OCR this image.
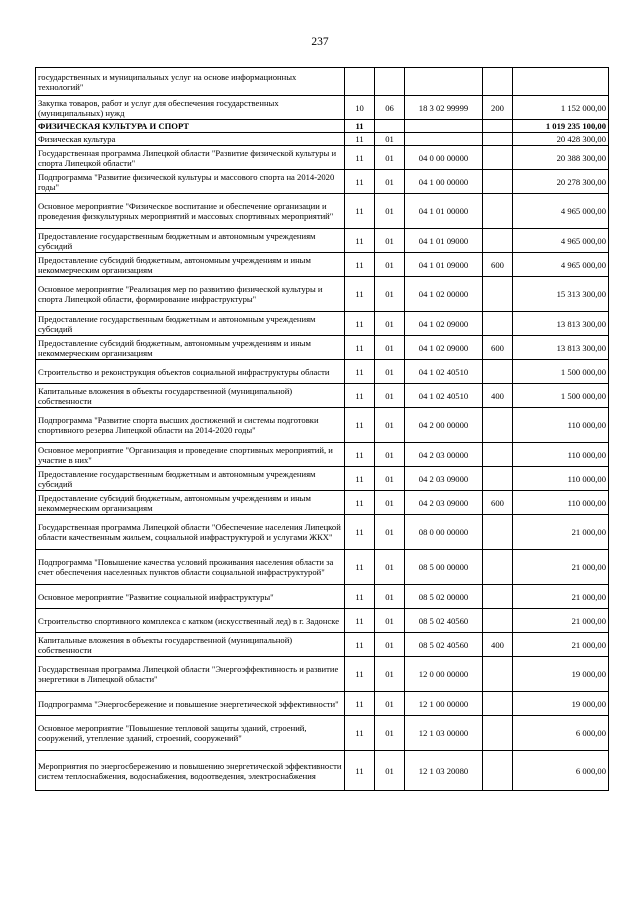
237
государственных и муниципальных услуг на основе информационных технологий"					
Закупка товаров, работ и услуг для обеспечения государственных (муниципальных) нужд	10	06	18 3 02 99999	200	1 152 000,00
ФИЗИЧЕСКАЯ КУЛЬТУРА И СПОРТ	11				1 019 235 100,00
Физическая культура	11	01			20 428 300,00
Государственная программа Липецкой области "Развитие физической культуры и спорта Липецкой области"	11	01	04 0 00 00000		20 388 300,00
Подпрограмма "Развитие физической культуры и массового спорта на 2014-2020 годы"	11	01	04 1 00 00000		20 278 300,00
Основное мероприятие "Физическое воспитание и обеспечение организации и проведения физкультурных мероприятий и массовых спортивных мероприятий"	11	01	04 1 01 00000		4 965 000,00
Предоставление государственным бюджетным и автономным учреждениям субсидий	11	01	04 1 01 09000		4 965 000,00
Предоставление субсидий бюджетным, автономным учреждениям и иным некоммерческим организациям	11	01	04 1 01 09000	600	4 965 000,00
Основное мероприятие "Реализация мер по развитию физической культуры и спорта Липецкой области, формирование инфраструктуры"	11	01	04 1 02 00000		15 313 300,00
Предоставление государственным бюджетным и автономным учреждениям субсидий	11	01	04 1 02 09000		13 813 300,00
Предоставление субсидий бюджетным, автономным учреждениям и иным некоммерческим организациям	11	01	04 1 02 09000	600	13 813 300,00
Строительство и реконструкция объектов социальной инфраструктуры области	11	01	04 1 02 40510		1 500 000,00
Капитальные вложения в объекты государственной (муниципальной) собственности	11	01	04 1 02 40510	400	1 500 000,00
Подпрограмма "Развитие спорта высших достижений и системы подготовки спортивного резерва Липецкой области на 2014-2020 годы"	11	01	04 2 00 00000		110 000,00
Основное мероприятие "Организация и проведение спортивных мероприятий, и участие в них"	11	01	04 2 03 00000		110 000,00
Предоставление государственным бюджетным и автономным учреждениям субсидий	11	01	04 2 03 09000		110 000,00
Предоставление субсидий бюджетным, автономным учреждениям и иным некоммерческим организациям	11	01	04 2 03 09000	600	110 000,00
Государственная программа Липецкой области "Обеспечение населения Липецкой области качественным жильем, социальной инфраструктурой и услугами ЖКХ"	11	01	08 0 00 00000		21 000,00
Подпрограмма "Повышение качества условий проживания населения области за счет обеспечения населенных пунктов области социальной инфраструктурой"	11	01	08 5 00 00000		21 000,00
Основное мероприятие "Развитие социальной инфраструктуры"	11	01	08 5 02 00000		21 000,00
Строительство спортивного комплекса с катком (искусственный лед) в г. Задонске	11	01	08 5 02 40560		21 000,00
Капитальные вложения в объекты государственной (муниципальной) собственности	11	01	08 5 02 40560	400	21 000,00
Государственная программа Липецкой области "Энергоэффективность и развитие энергетики в Липецкой области"	11	01	12 0 00 00000		19 000,00
Подпрограмма "Энергосбережение и повышение энергетической эффективности"	11	01	12 1 00 00000		19 000,00
Основное мероприятие "Повышение тепловой защиты зданий, строений, сооружений, утепление зданий, строений, сооружений"	11	01	12 1 03 00000		6 000,00
Мероприятия по энергосбережению и повышению энергетической эффективности систем теплоснабжения, водоснабжения, водоотведения, электроснабжения	11	01	12 1 03 20080		6 000,00
